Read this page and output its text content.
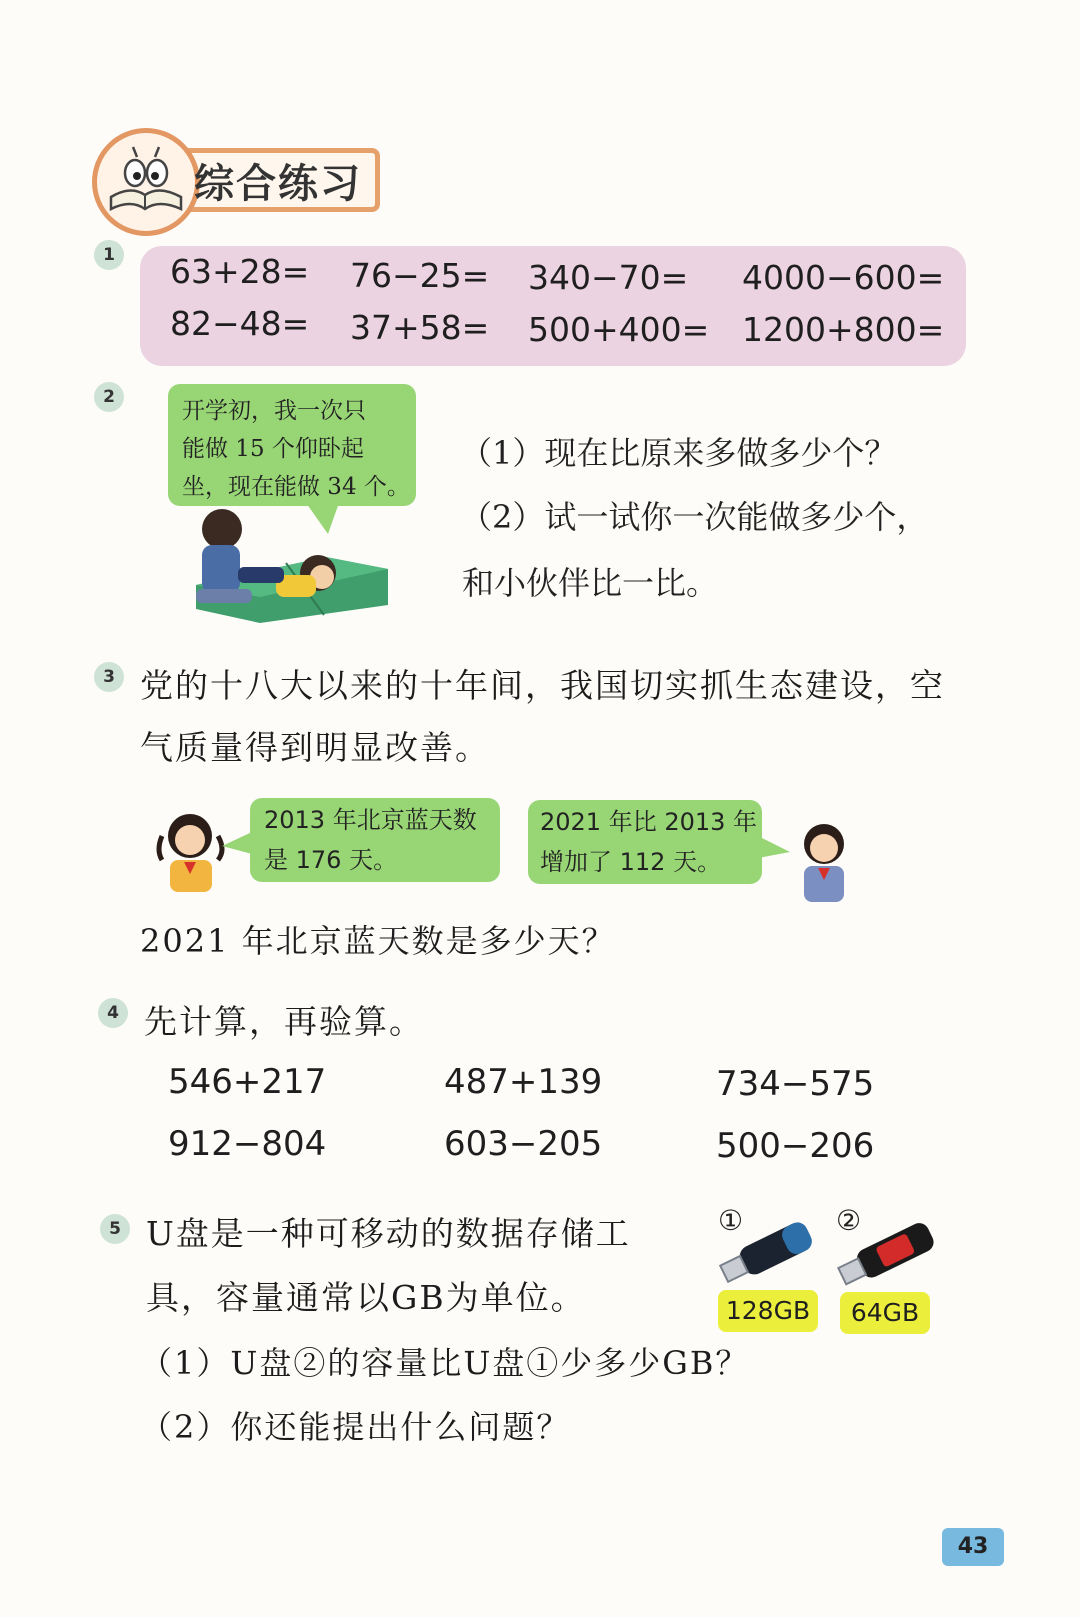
综合练习
1 63+28= 76−25= 340−70= 4000−600=
82−48= 37+58= 500+400= 1200+800=
2
开学初，我一次只
能做 15 个仰卧起
坐，现在能做 34 个。
（1）现在比原来多做多少个？
（2）试一试你一次能做多少个，
和小伙伴比一比。
3 党的十八大以来的十年间，我国切实抓生态建设，空
气质量得到明显改善。
2013 年北京蓝天数
是 176 天。
2021 年比 2013 年
增加了 112 天。
2021 年北京蓝天数是多少天？
4 先计算，再验算。
546+217	487+139	734−575
912−804	603−205	500−206
5 U盘是一种可移动的数据存储工
具，容量通常以GB为单位。
（1）U盘②的容量比U盘①少多少GB？
（2）你还能提出什么问题？
①
128GB
②
64GB
43
